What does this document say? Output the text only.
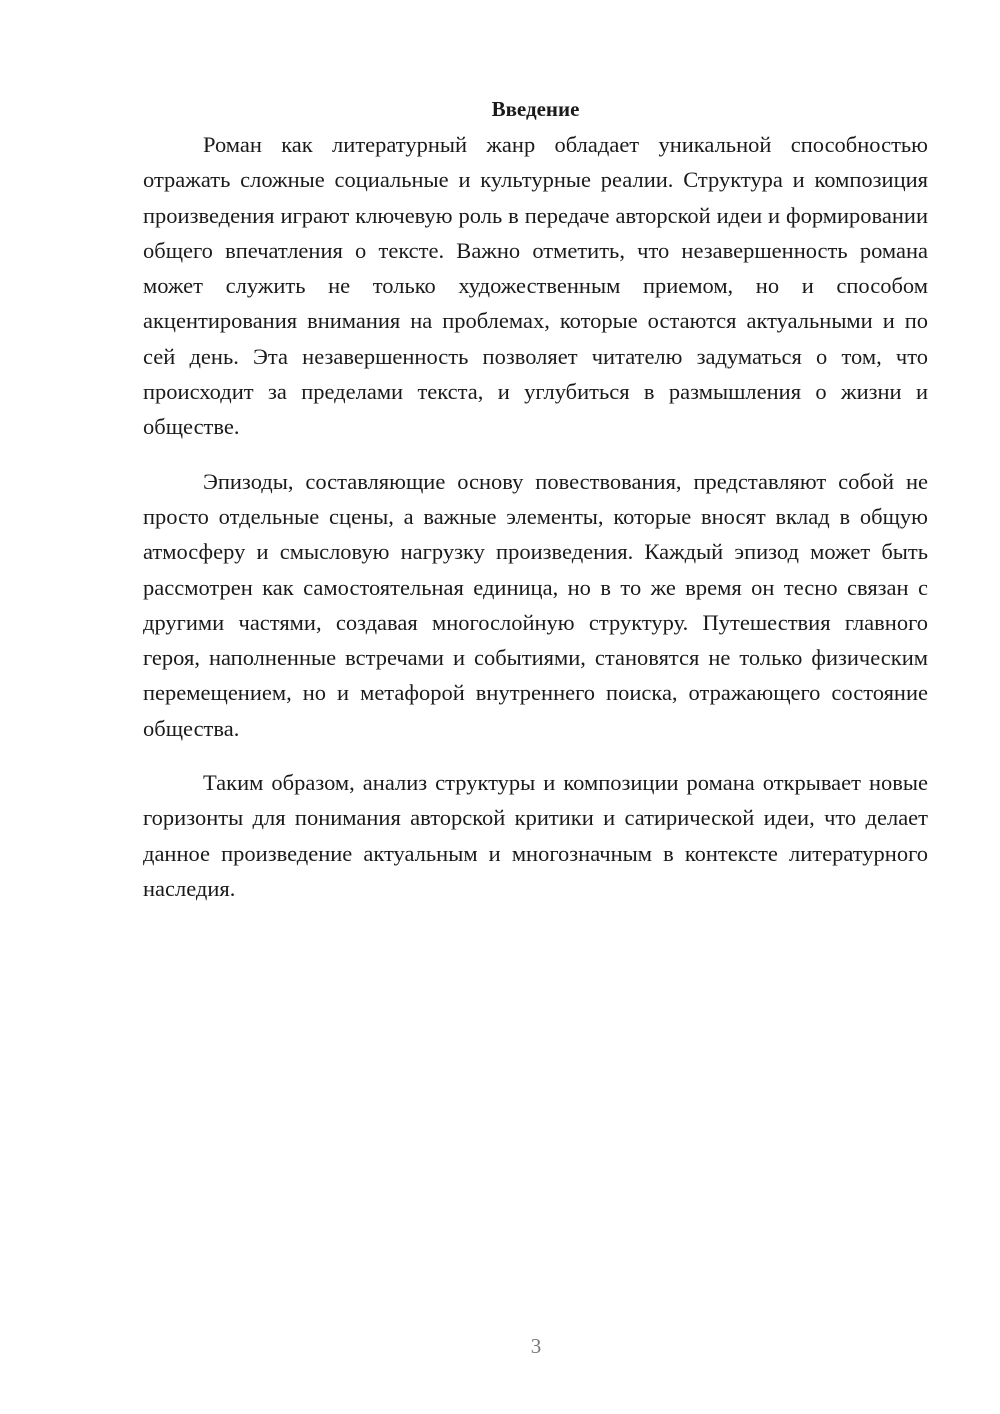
Введение

Роман как литературный жанр обладает уникальной способностью отражать сложные социальные и культурные реалии. Структура и композиция произведения играют ключевую роль в передаче авторской идеи и формировании общего впечатления о тексте. Важно отметить, что незавершенность романа может служить не только художественным приемом, но и способом акцентирования внимания на проблемах, которые остаются актуальными и по сей день. Эта незавершенность позволяет читателю задуматься о том, что происходит за пределами текста, и углубиться в размышления о жизни и обществе.

Эпизоды, составляющие основу повествования, представляют собой не просто отдельные сцены, а важные элементы, которые вносят вклад в общую атмосферу и смысловую нагрузку произведения. Каждый эпизод может быть рассмотрен как самостоятельная единица, но в то же время он тесно связан с другими частями, создавая многослойную структуру. Путешествия главного героя, наполненные встречами и событиями, становятся не только физическим перемещением, но и метафорой внутреннего поиска, отражающего состояние общества.

Таким образом, анализ структуры и композиции романа открывает новые горизонты для понимания авторской критики и сатирической идеи, что делает данное произведение актуальным и многозначным в контексте литературного наследия.

3
